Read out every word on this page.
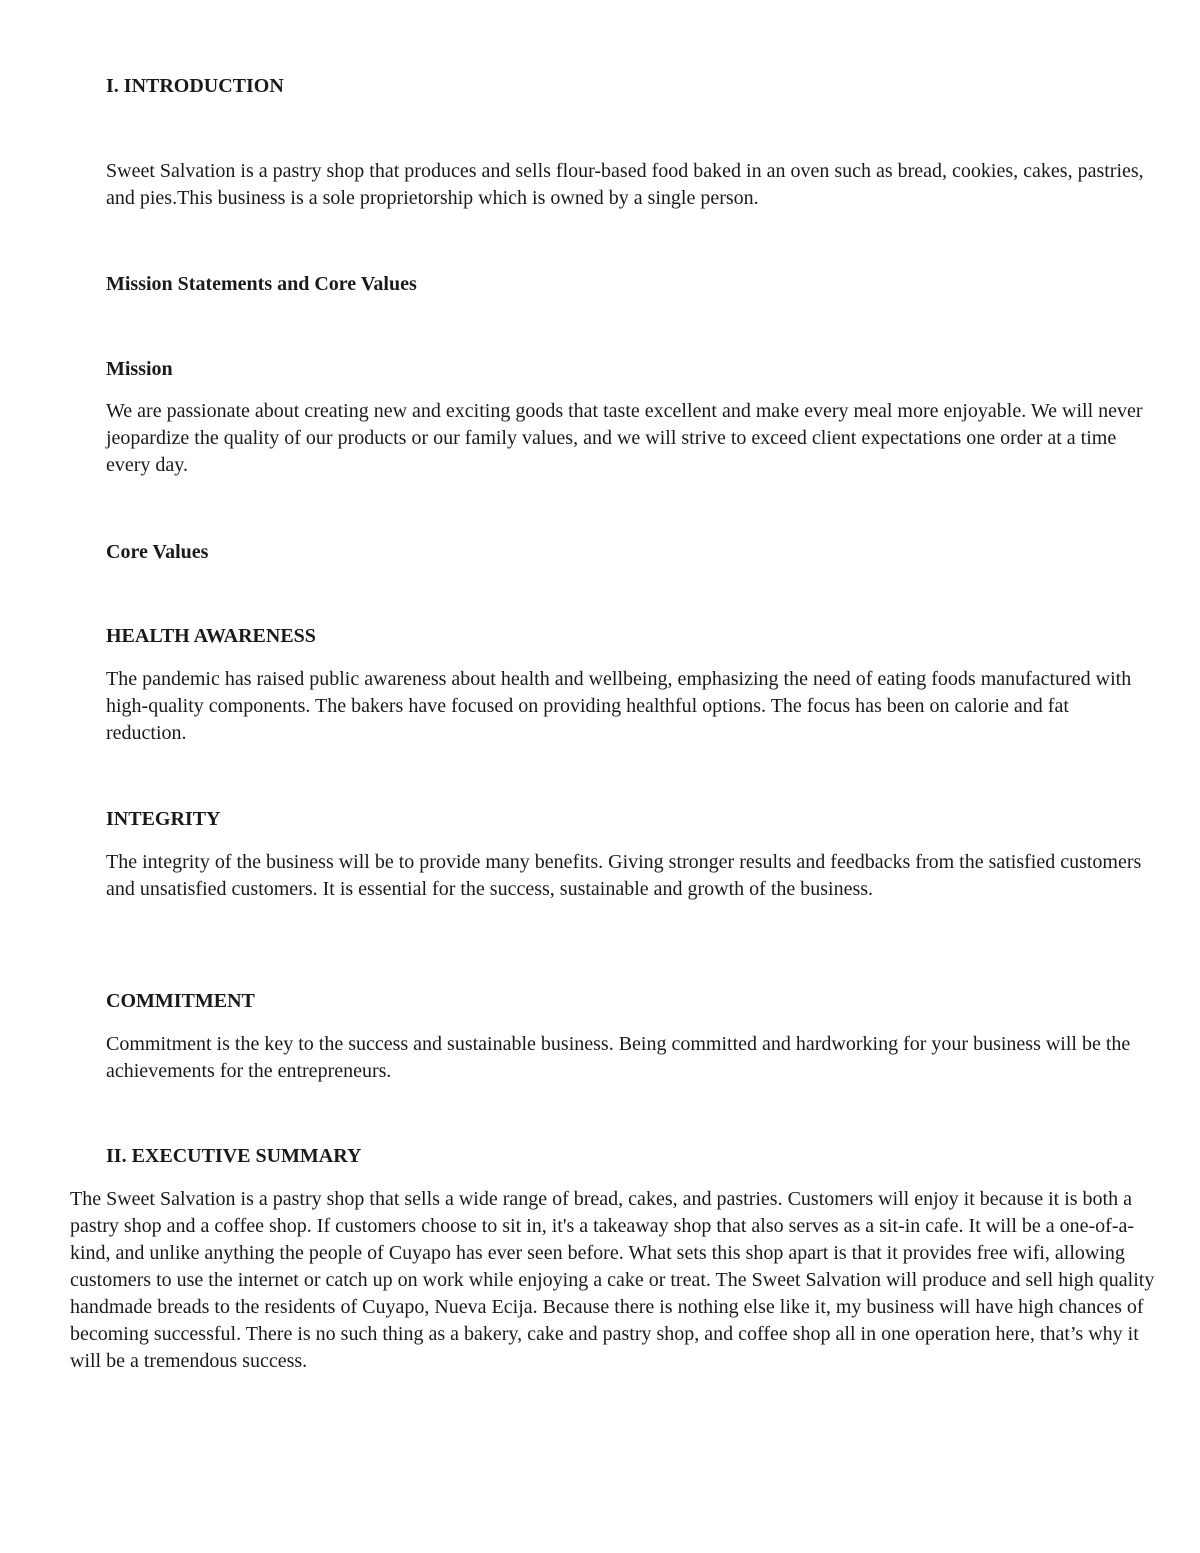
I. INTRODUCTION
Sweet Salvation is a pastry shop that produces and sells flour-based food baked in an oven such as bread, cookies, cakes, pastries, and pies.This business is a sole proprietorship which is owned by a single person.
Mission Statements and Core Values
Mission
We are passionate about creating new and exciting goods that taste excellent and make every meal more enjoyable. We will never jeopardize the quality of our products or our family values, and we will strive to exceed client expectations one order at a time every day.
Core Values
HEALTH AWARENESS
The pandemic has raised public awareness about health and wellbeing, emphasizing the need of eating foods manufactured with high-quality components. The bakers have focused on providing healthful options. The focus has been on calorie and fat reduction.
INTEGRITY
The integrity of the business will be to provide many benefits. Giving stronger results and feedbacks from the satisfied customers and unsatisfied customers. It is essential for the success, sustainable and growth of the business.
COMMITMENT
Commitment is the key to the success and sustainable business. Being committed and hardworking for your business will be the achievements for the entrepreneurs.
II. EXECUTIVE SUMMARY
The Sweet Salvation is a pastry shop that sells a wide range of bread, cakes, and pastries. Customers will enjoy it because it is both a pastry shop and a coffee shop. If customers choose to sit in, it's a takeaway shop that also serves as a sit-in cafe. It will be a one-of-a-kind, and unlike anything the people of Cuyapo has ever seen before. What sets this shop apart is that it provides free wifi, allowing customers to use the internet or catch up on work while enjoying a cake or treat. The Sweet Salvation will produce and sell high quality handmade breads to the residents of Cuyapo, Nueva Ecija. Because there is nothing else like it, my business will have high chances of becoming successful. There is no such thing as a bakery, cake and pastry shop, and coffee shop all in one operation here, that’s why it will be a tremendous success.
